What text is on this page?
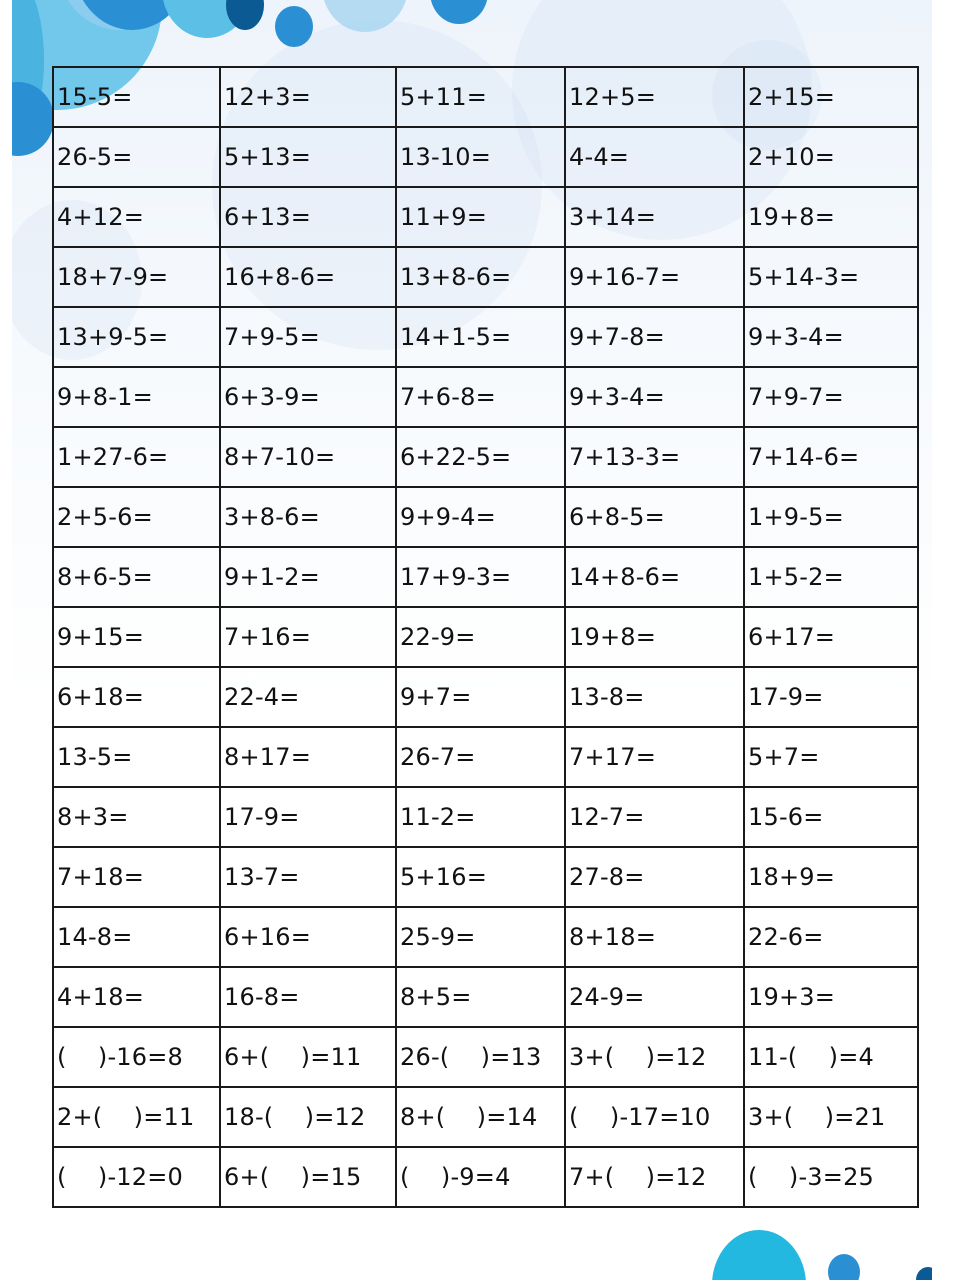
15-5=	12+3=	5+11=	12+5=	2+15=
26-5=	5+13=	13-10=	4-4=	2+10=
4+12=	6+13=	11+9=	3+14=	19+8=
18+7-9=	16+8-6=	13+8-6=	9+16-7=	5+14-3=
13+9-5=	7+9-5=	14+1-5=	9+7-8=	9+3-4=
9+8-1=	6+3-9=	7+6-8=	9+3-4=	7+9-7=
1+27-6=	8+7-10=	6+22-5=	7+13-3=	7+14-6=
2+5-6=	3+8-6=	9+9-4=	6+8-5=	1+9-5=
8+6-5=	9+1-2=	17+9-3=	14+8-6=	1+5-2=
9+15=	7+16=	22-9=	19+8=	6+17=
6+18=	22-4=	9+7=	13-8=	17-9=
13-5=	8+17=	26-7=	7+17=	5+7=
8+3=	17-9=	11-2=	12-7=	15-6=
7+18=	13-7=	5+16=	27-8=	18+9=
14-8=	6+16=	25-9=	8+18=	22-6=
4+18=	16-8=	8+5=	24-9=	19+3=
(    )-16=8	6+(    )=11	26-(    )=13	3+(    )=12	11-(    )=4
2+(    )=11	18-(    )=12	8+(    )=14	(    )-17=10	3+(    )=21
(    )-12=0	6+(    )=15	(    )-9=4	7+(    )=12	(    )-3=25
